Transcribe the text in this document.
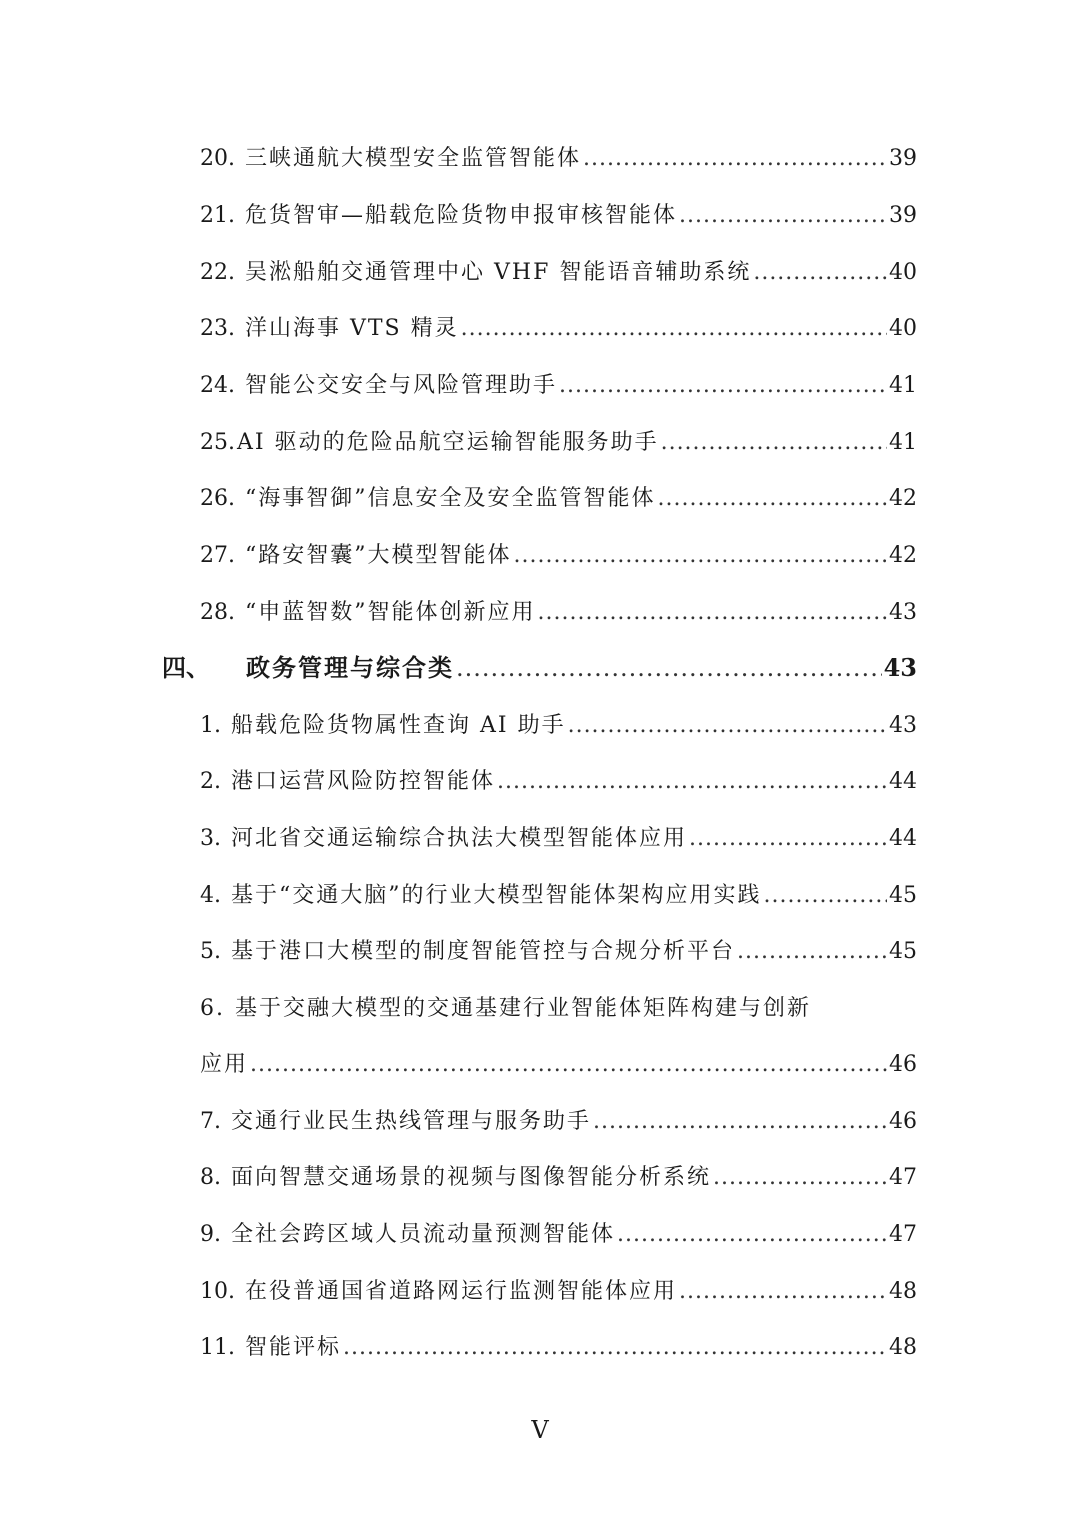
20. 三峡通航大模型安全监管智能体 .....	39
21. 危货智审—船载危险货物申报审核智能体 .....	39
22. 吴淞船舶交通管理中心 VHF 智能语音辅助系统 .....	40
23. 洋山海事 VTS 精灵 .....	40
24. 智能公交安全与风险管理助手 .....	41
25. AI 驱动的危险品航空运输智能服务助手 .....	41
26. “海事智御”信息安全及安全监管智能体 .....	42
27. “路安智囊”大模型智能体 .....	42
28. “申蓝智数”智能体创新应用 .....	43
四、 政务管理与综合类 .....	43
1. 船载危险货物属性查询 AI 助手 .....	43
2. 港口运营风险防控智能体 .....	44
3. 河北省交通运输综合执法大模型智能体应用 .....	44
4. 基于“交通大脑”的行业大模型智能体架构应用实践 .....	45
5. 基于港口大模型的制度智能管控与合规分析平台 .....	45
6. 基于交融大模型的交通基建行业智能体矩阵构建与创新
应用 .....	46
7. 交通行业民生热线管理与服务助手 .....	46
8. 面向智慧交通场景的视频与图像智能分析系统 .....	47
9. 全社会跨区域人员流动量预测智能体 .....	47
10. 在役普通国省道路网运行监测智能体应用 .....	48
11. 智能评标 .....	48
V
